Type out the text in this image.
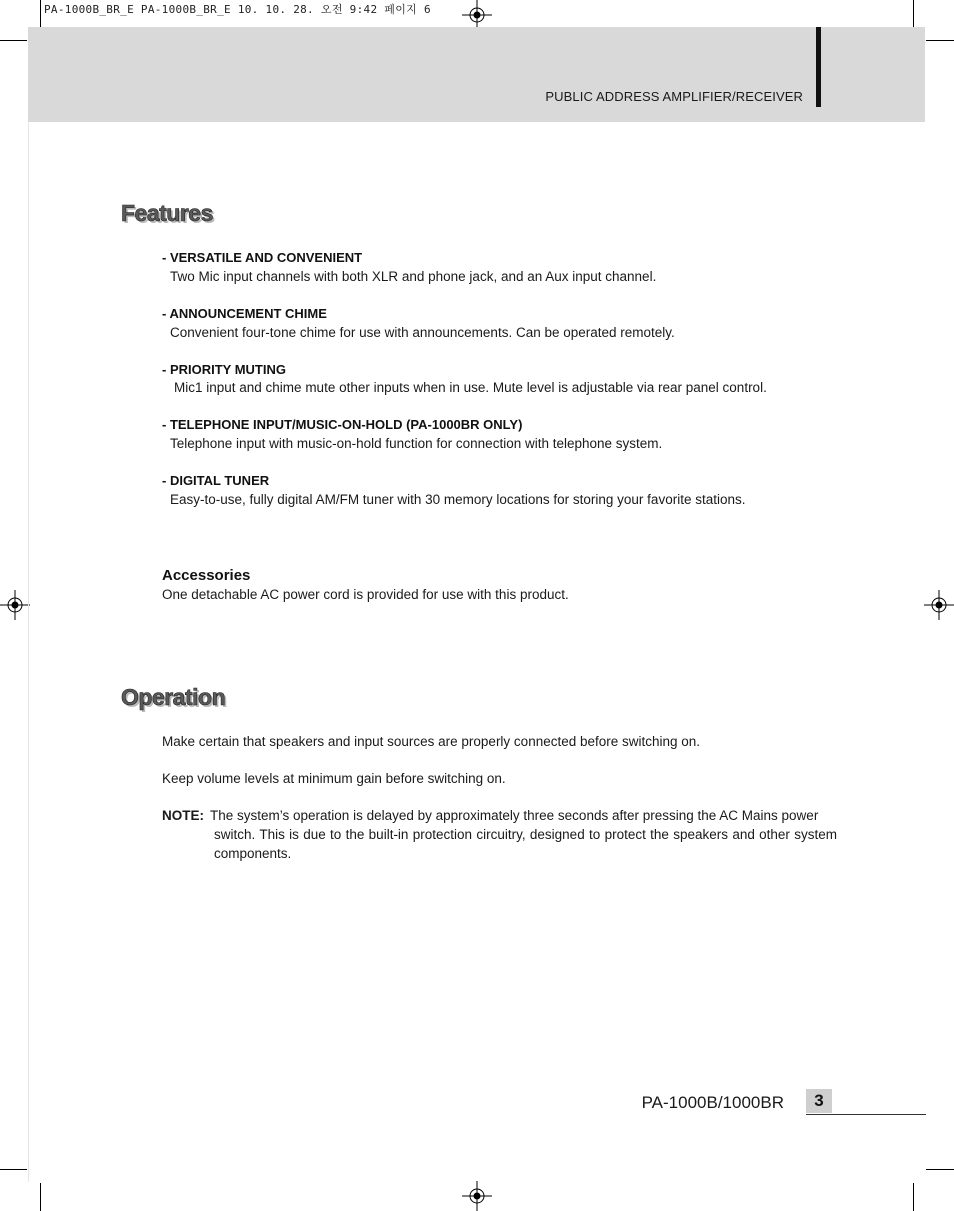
PA-1000B_BR_E PA-1000B_BR_E 10. 10. 28. 오전 9:42 페이지 6
PUBLIC ADDRESS AMPLIFIER/RECEIVER
Features
- VERSATILE AND CONVENIENT
Two Mic input channels with both XLR and phone jack, and an Aux input channel.
- ANNOUNCEMENT CHIME
Convenient four-tone chime for use with announcements. Can be operated remotely.
- PRIORITY MUTING
Mic1 input and chime mute other inputs when in use. Mute level is adjustable via rear panel control.
- TELEPHONE INPUT/MUSIC-ON-HOLD (PA-1000BR ONLY)
Telephone input with music-on-hold function for connection with telephone system.
- DIGITAL TUNER
Easy-to-use, fully digital AM/FM tuner with 30 memory locations for storing your favorite stations.
Accessories
One detachable AC power cord is provided for use with this product.
Operation
Make certain that speakers and input sources are properly connected before switching on.
Keep volume levels at minimum gain before switching on.
NOTE: The system’s operation is delayed by approximately three seconds after pressing the AC Mains power
switch. This is due to the built-in protection circuitry, designed to protect the speakers and other system components.
PA-1000B/1000BR	3
